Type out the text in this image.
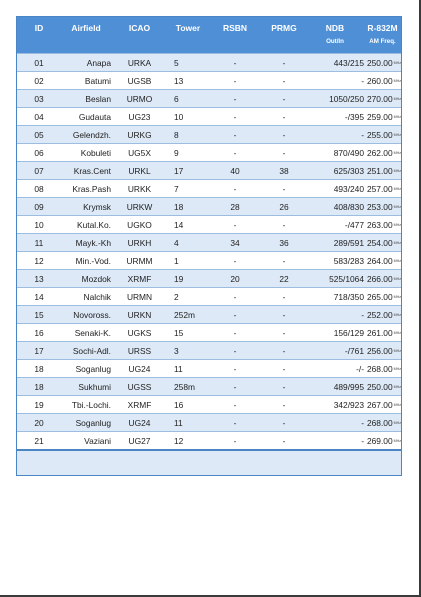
ID	Airfield	ICAO	Tower	RSBN	PRMG	NDB	R-832M
Out/In	AM Freq.
01	Anapa	URKA	5	-	-	443/215 250.00MHz
02	Batumi	UGSB	13	-	-	- 260.00MHz
03	Beslan	URMO	6	-	-	1050/250 270.00MHz
04	Gudauta	UG23	10	-	-	-/395 259.00MHz
05	Gelendzh.	URKG	8	-	-	- 255.00MHz
06	Kobuleti	UG5X	9	-	-	870/490 262.00MHz
07	Kras.Cent	URKL	17	40	38	625/303 251.00MHz
08	Kras.Pash	URKK	7	-	-	493/240 257.00MHz
09	Krymsk	URKW	18	28	26	408/830 253.00MHz
10	Kutal.Ko.	UGKO	14	-	-	-/477 263.00MHz
11	Mayk.-Kh	URKH	4	34	36	289/591 254.00MHz
12	Min.-Vod.	URMM	1	-	-	583/283 264.00MHz
13	Mozdok	XRMF	19	20	22	525/1064 266.00MHz
14	Nalchik	URMN	2	-	-	718/350 265.00MHz
15	Novoross.	URKN	252m	-	-	- 252.00MHz
16	Senaki-K.	UGKS	15	-	-	156/129 261.00MHz
17	Sochi-Adl.	URSS	3	-	-	-/761 256.00MHz
18	Soganlug	UG24	11	-	-	-/- 268.00MHz
18	Sukhumi	UGSS	258m	-	-	489/995 250.00MHz
19	Tbi.-Lochi.	XRMF	16	-	-	342/923 267.00MHz
20	Soganlug	UG24	11	-	-	- 268.00MHz
21	Vaziani	UG27	12	-	-	- 269.00MHz
